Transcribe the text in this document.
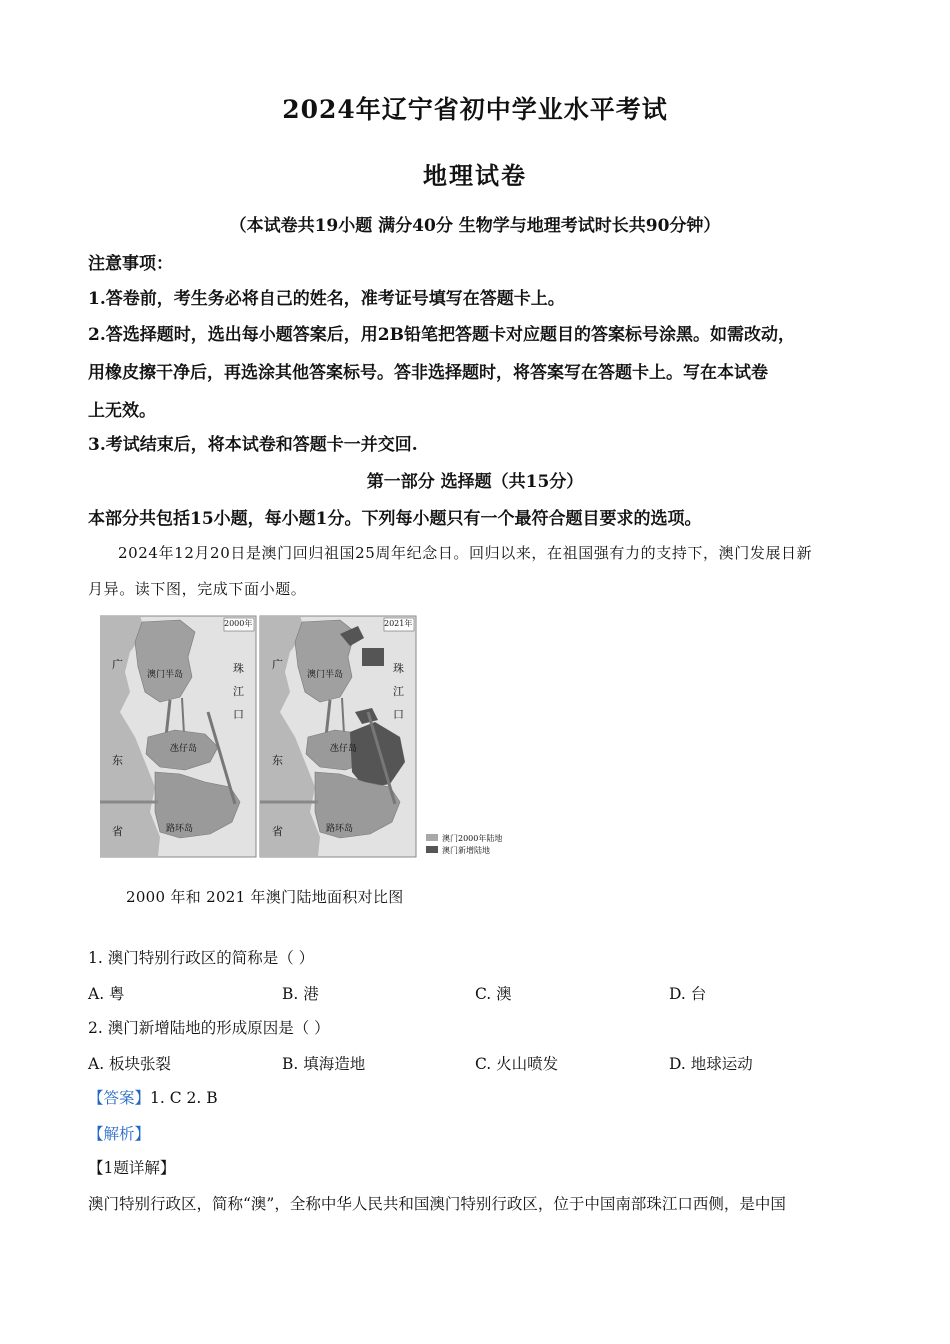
2024年辽宁省初中学业水平考试
地理试卷
（本试卷共19小题 满分40分 生物学与地理考试时长共90分钟）
注意事项：
1.答卷前，考生务必将自己的姓名，准考证号填写在答题卡上。
2.答选择题时，选出每小题答案后，用2B铅笔把答题卡对应题目的答案标号涂黑。如需改动，
用橡皮擦干净后，再选涂其他答案标号。答非选择题时，将答案写在答题卡上。写在本试卷
上无效。
3.考试结束后，将本试卷和答题卡一并交回.
第一部分 选择题（共15分）
本部分共包括15小题，每小题1分。下列每小题只有一个最符合题目要求的选项。
2024年12月20日是澳门回归祖国25周年纪念日。回归以来，在祖国强有力的支持下，澳门发展日新
月异。读下图，完成下面小题。
2000年	2021年
广
东
省
珠
江
口
澳门半岛
氹仔岛
路环岛
广
东
省
珠
江
口
澳门半岛
氹仔岛
路环岛
澳门2000年陆地
澳门新增陆地
2000 年和 2021 年澳门陆地面积对比图
1. 澳门特别行政区的简称是（ ）
A. 粤	B. 港	C. 澳	D. 台
2. 澳门新增陆地的形成原因是（ ）
A. 板块张裂	B. 填海造地	C. 火山喷发	D. 地球运动
【答案】1. C 2. B
【解析】
【1题详解】
澳门特别行政区，简称“澳”，全称中华人民共和国澳门特别行政区，位于中国南部珠江口西侧，是中国
